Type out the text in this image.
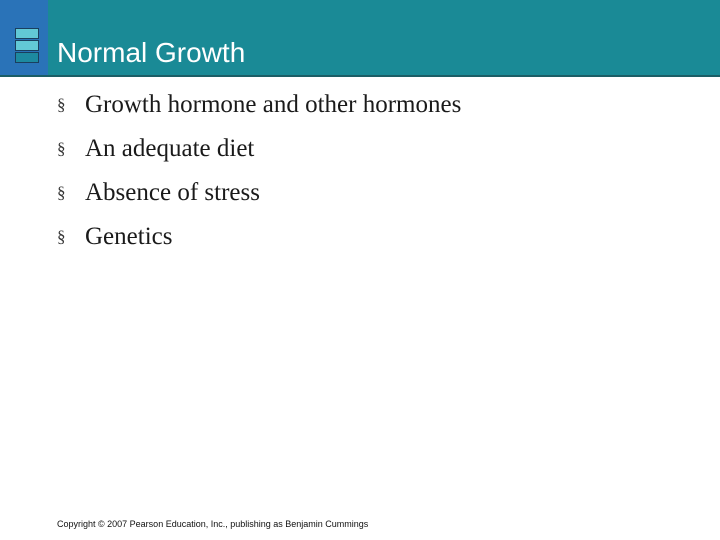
Normal Growth
§ Growth hormone and other hormones
§ An adequate diet
§ Absence of stress
§ Genetics
Copyright © 2007 Pearson Education, Inc., publishing as Benjamin Cummings
